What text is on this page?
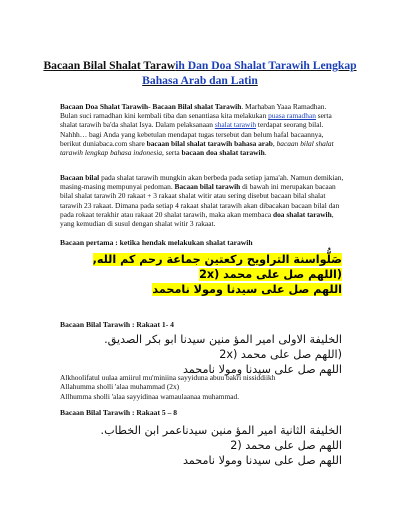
Bacaan Bilal Shalat Tarawih Dan Doa Shalat Tarawih Lengkap Bahasa Arab dan Latin
Bacaan Doa Shalat Tarawih- Bacaan Bilal shalat Tarawih. Marhaban Yaaa Ramadhan. Bulan suci ramadhan kini kembali tiba dan senantiasa kita melakukan puasa ramadhan serta shalat tarawih ba'da shalat Isya. Dalam pelaksanaan shalat tarawih terdapat seorang bilal. Nahhh… bagi Anda yang kebetulan mendapat tugas tersebut dan belum hafal bacaannya, berikut duniabaca.com share bacaan bilal shalat tarawih bahasa arab, bacaan bilal shalat tarawih lengkap bahasa indonesia, serta bacaan doa shalat tarawih.
Bacaan bilal pada shalat tarawih mungkin akan berbeda pada setiap jama'ah. Namun demikian, masing-masing mempunyai pedoman. Bacaan bilal tarawih di bawah ini merupakan bacaan bilal shalat tarawih 20 rakaat + 3 rakaat shalat witir atau sering disebut bacaan bilal shalat tarawih 23 rakaat. Dimana pada setiap 4 rakaat shalat tarawih akan dibacakan bacaan bilal dan pada rokaat terakhir atau rakaat 20 shalat tarawih, maka akan membaca doa shalat tarawih, yang kemudian di susul dengan shalat witir 3 rakaat.
Bacaan pertama : ketika hendak melakukan shalat tarawih
صَلُّواسنة التراويح ركعتين جماعة رحم كم الله,
(اللهم صل على محمد (2x
اللهم صل على سيدنا ومولا نامحمد
Bacaan Bilal Tarawih : Rakaat 1- 4
الخليفة الاولى امير المؤ منين سيدنا ابو بكر الصديق.
(اللهم صل على محمد (2x
اللهم صل على سيدنا ومولا نامحمد
Alkhoolifatul uulaa amiirul mu'miniina sayyiduna abuu bakri nissiddiikh
Allahumma sholli 'alaa muhammad (2x)
Allhumma sholli 'alaa sayyidinaa wamaulaanaa muhammad.
Bacaan Bilal Tarawih : Rakaat 5 – 8
الخليفة الثانية امير المؤ منين سيدناعمر ابن الخطاب.
اللهم صل على محمد (2
اللهم صل على سيدنا ومولا نامحمد
